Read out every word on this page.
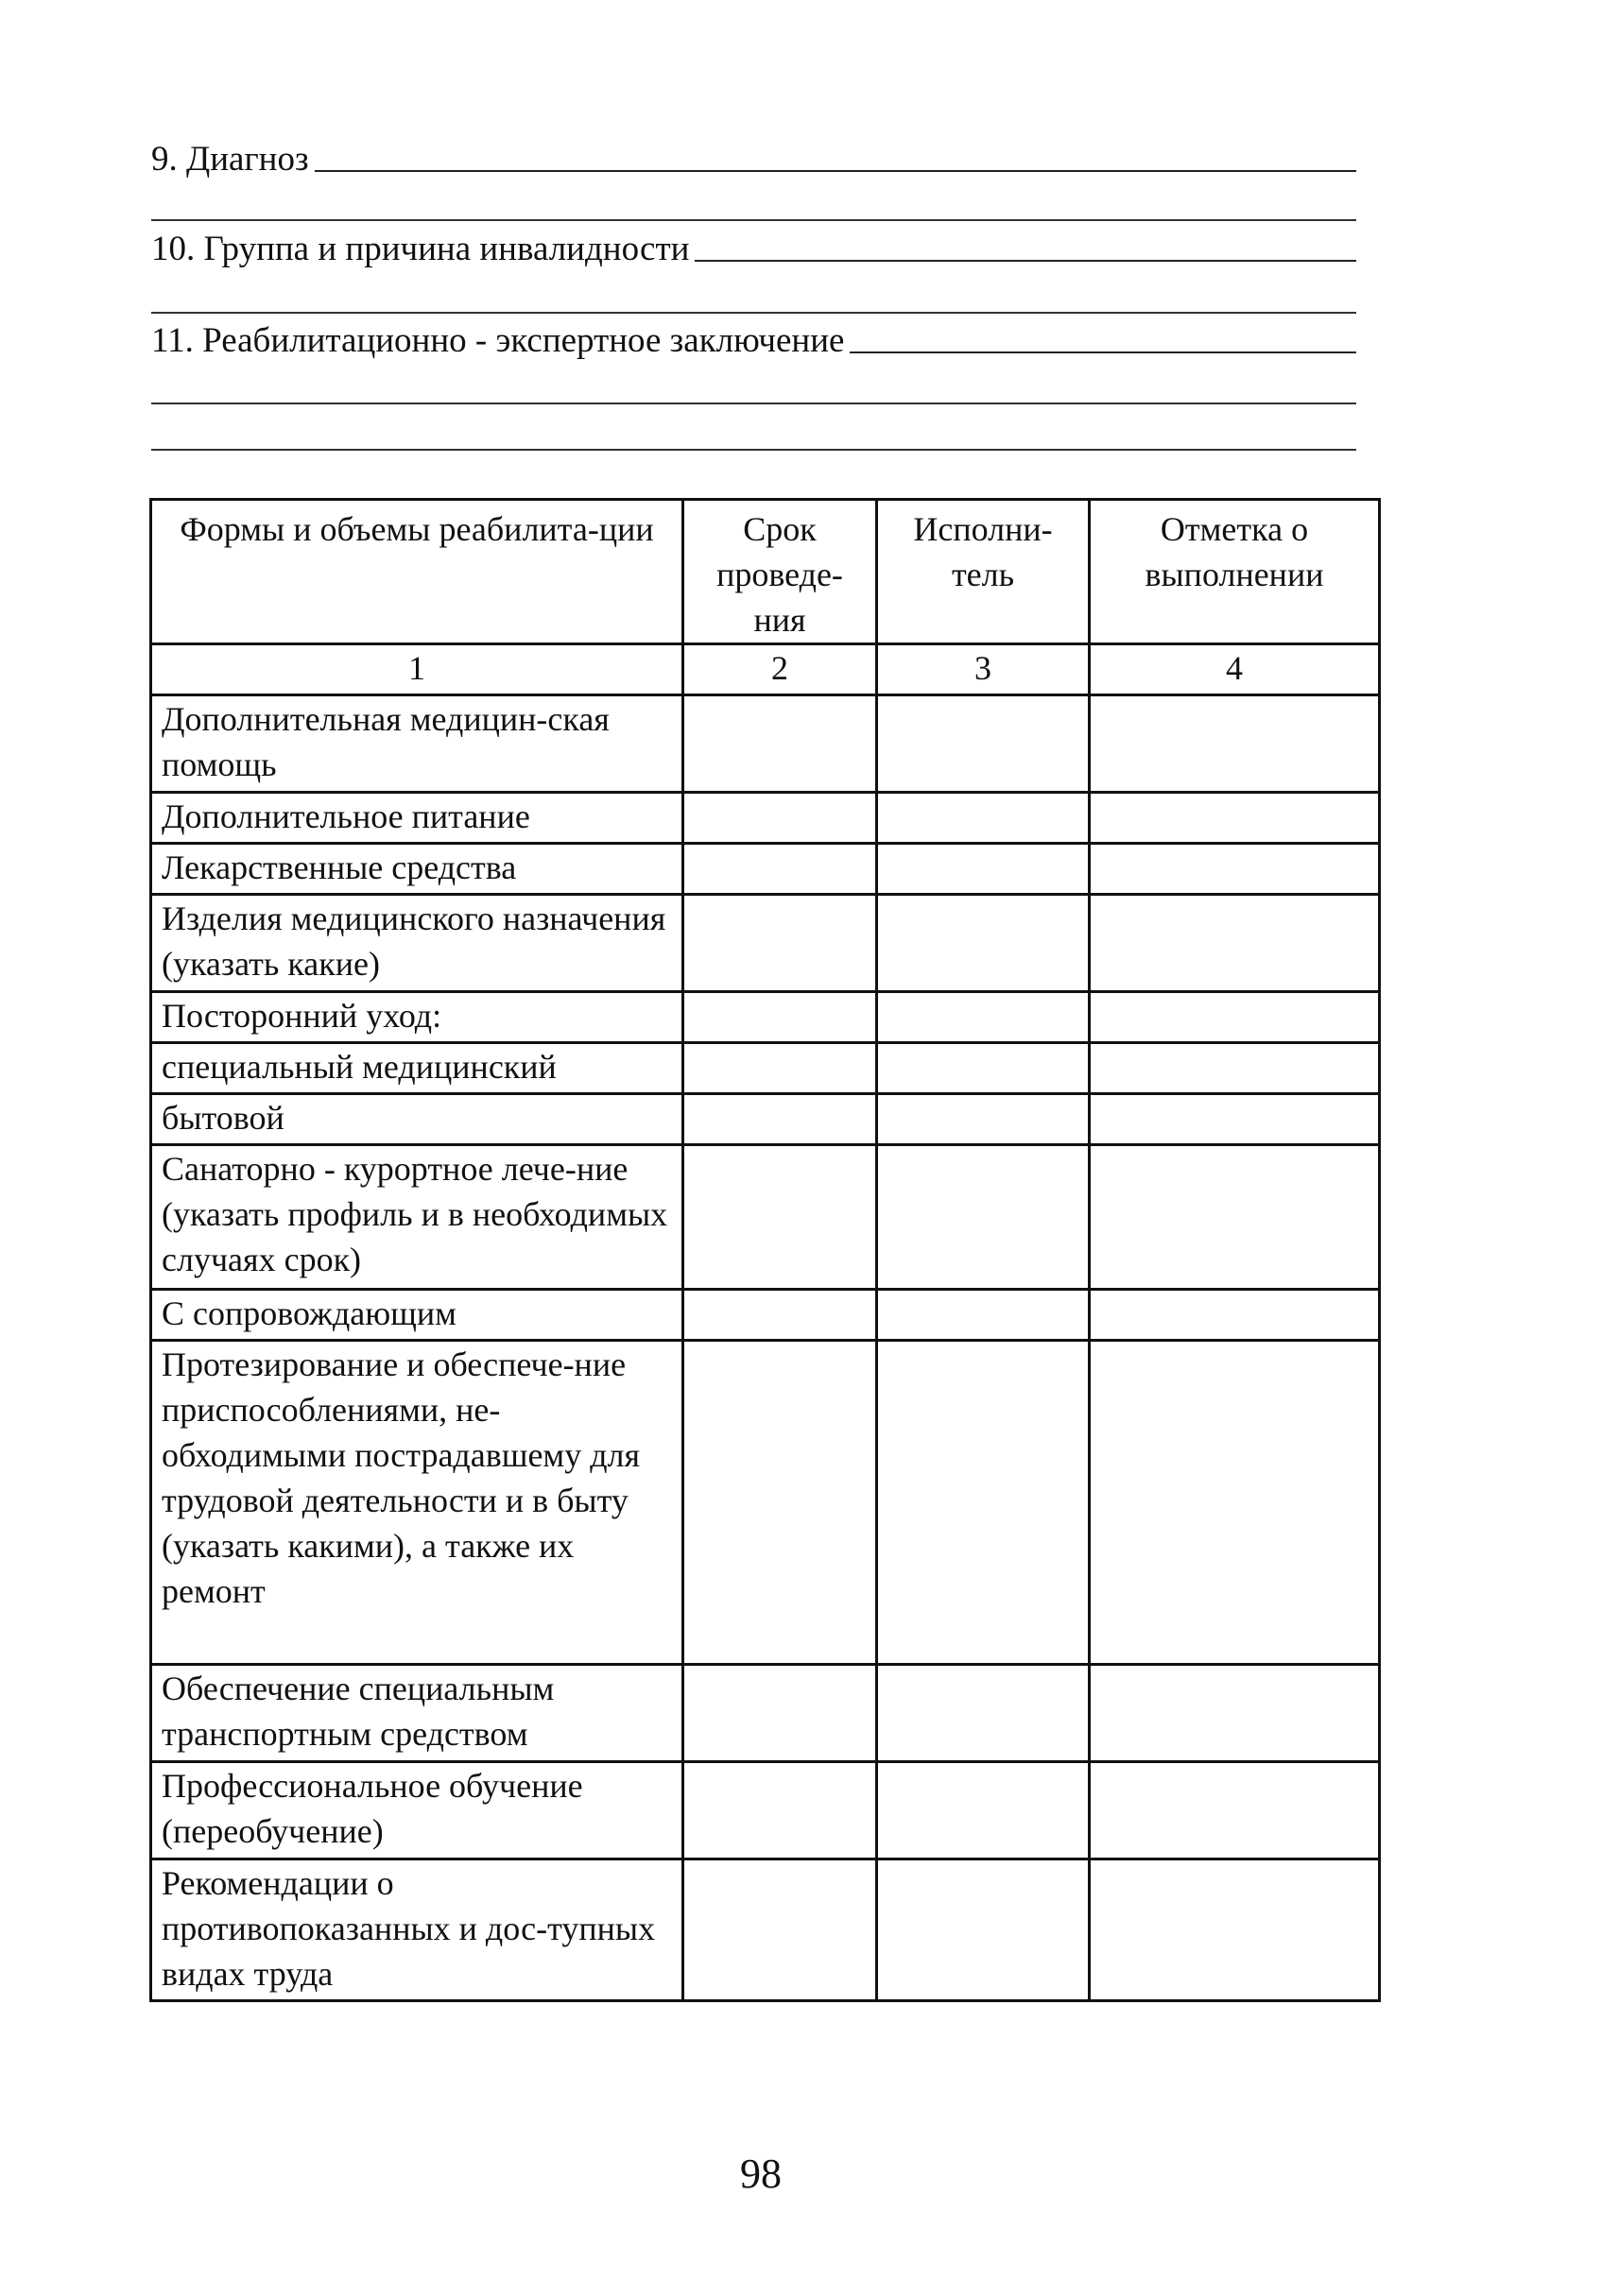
9. Диагноз
10. Группа и причина инвалидности
11. Реабилитационно - экспертное заключение
Формы и объемы реабилита-ции	Срок проведе-ния	Исполни-тель	Отметка о выполнении
1	2	3	4
Дополнительная медицин-ская помощь			
Дополнительное питание			
Лекарственные средства			
Изделия медицинского назначения (указать какие)			
Посторонний уход:			
специальный медицинский			
бытовой			
Санаторно - курортное лече-ние (указать профиль и в необходимых случаях срок)			
С сопровождающим			
Протезирование и обеспече-ние приспособлениями, не-обходимыми пострадавшему для трудовой деятельности и в быту (указать какими), а также их ремонт			
Обеспечение специальным транспортным средством			
Профессиональное обучение (переобучение)			
Рекомендации о противопоказанных и дос-тупных видах труда			
98
